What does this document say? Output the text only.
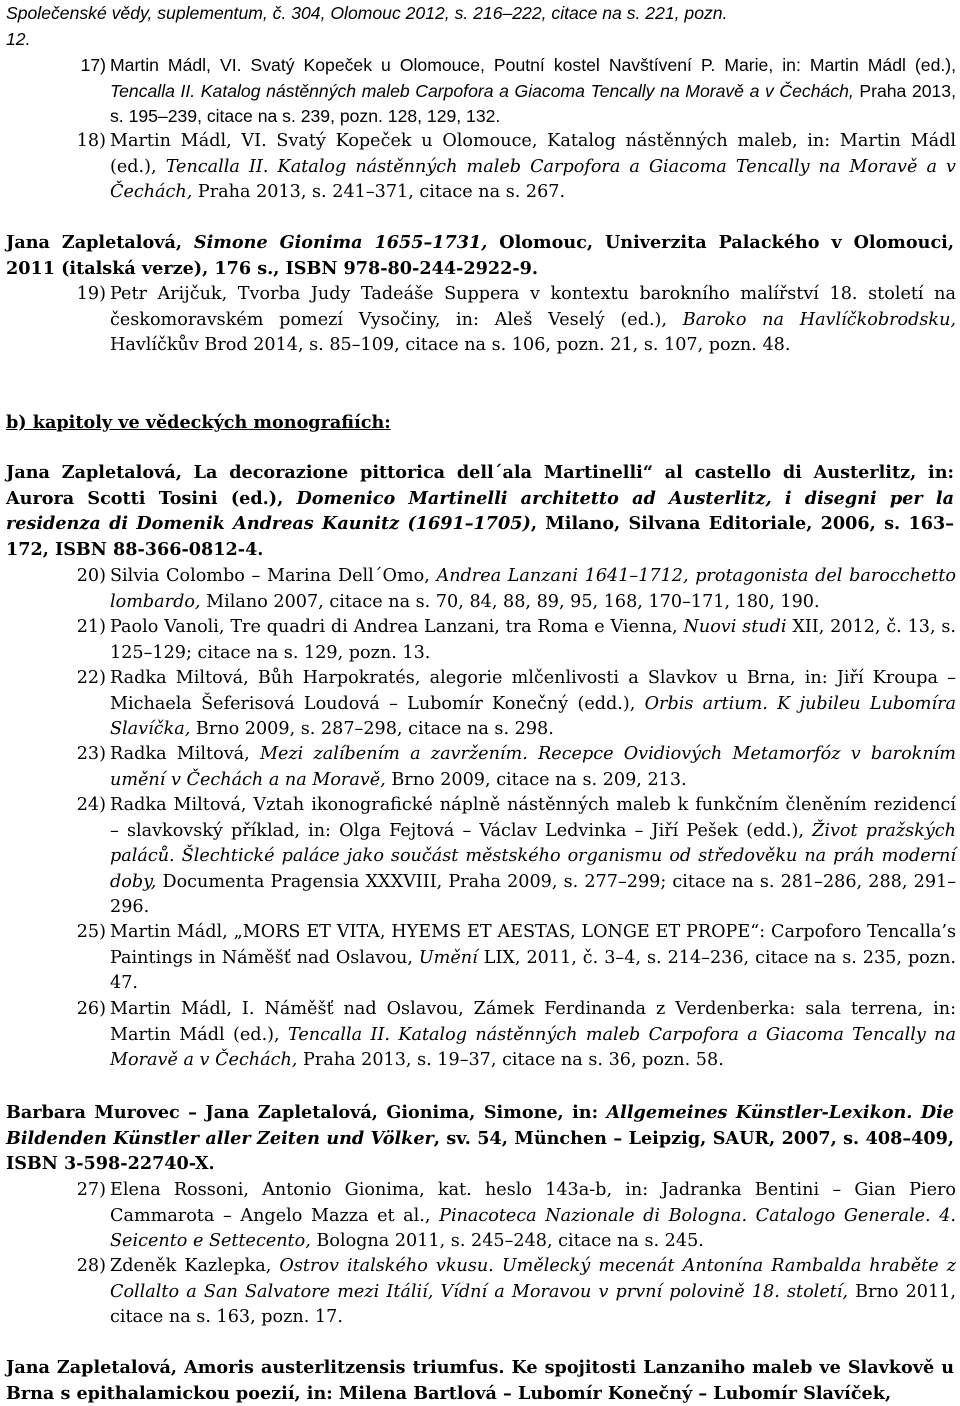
Společenské vědy, suplementum, č. 304, Olomouc 2012, s. 216–222, citace na s. 221, pozn.
12.
17) Martin Mádl, VI. Svatý Kopeček u Olomouce, Poutní kostel Navštívení P. Marie, in: Martin Mádl (ed.), Tencalla II. Katalog nástěnných maleb Carpofora a Giacoma Tencally na Moravě a v Čechách, Praha 2013, s. 195–239, citace na s. 239, pozn. 128, 129, 132.
18) Martin Mádl, VI. Svatý Kopeček u Olomouce, Katalog nástěnných maleb, in: Martin Mádl (ed.), Tencalla II. Katalog nástěnných maleb Carpofora a Giacoma Tencally na Moravě a v Čechách, Praha 2013, s. 241–371, citace na s. 267.
Jana Zapletalová, Simone Gionima 1655–1731, Olomouc, Univerzita Palackého v Olomouci, 2011 (italská verze), 176 s., ISBN 978-80-244-2922-9.
19) Petr Arijčuk, Tvorba Judy Tadeáše Suppera v kontextu barokního malířství 18. století na českomoravském pomezí Vysočiny, in: Aleš Veselý (ed.), Baroko na Havlíčkobrodsku, Havlíčkův Brod 2014, s. 85–109, citace na s. 106, pozn. 21, s. 107, pozn. 48.
b) kapitoly ve vědeckých monografiích:
Jana Zapletalová, La decorazione pittorica dell´ala Martinelli“ al castello di Austerlitz, in: Aurora Scotti Tosini (ed.), Domenico Martinelli architetto ad Austerlitz, i disegni per la residenza di Domenik Andreas Kaunitz (1691–1705), Milano, Silvana Editoriale, 2006, s. 163–172, ISBN 88-366-0812-4.
20) Silvia Colombo – Marina Dell´Omo, Andrea Lanzani 1641–1712, protagonista del barocchetto lombardo, Milano 2007, citace na s. 70, 84, 88, 89, 95, 168, 170–171, 180, 190.
21) Paolo Vanoli, Tre quadri di Andrea Lanzani, tra Roma e Vienna, Nuovi studi XII, 2012, č. 13, s. 125–129; citace na s. 129, pozn. 13.
22) Radka Miltová, Bůh Harpokratés, alegorie mlčenlivosti a Slavkov u Brna, in: Jiří Kroupa – Michaela Šeferisová Loudová – Lubomír Konečný (edd.), Orbis artium. K jubileu Lubomíra Slavíčka, Brno 2009, s. 287–298, citace na s. 298.
23) Radka Miltová, Mezi zalíbením a zavržením. Recepce Ovidiových Metamorfóz v barokním umění v Čechách a na Moravě, Brno 2009, citace na s. 209, 213.
24) Radka Miltová, Vztah ikonografické náplně nástěnných maleb k funkčním členěním rezidencí – slavkovský příklad, in: Olga Fejtová – Václav Ledvinka – Jiří Pešek (edd.), Život pražských paláců. Šlechtické paláce jako součást městského organismu od středověku na práh moderní doby, Documenta Pragensia XXXVIII, Praha 2009, s. 277–299; citace na s. 281–286, 288, 291–296.
25) Martin Mádl, „MORS ET VITA, HYEMS ET AESTAS, LONGE ET PROPE“: Carpoforo Tencalla’s Paintings in Náměšť nad Oslavou, Umění LIX, 2011, č. 3–4, s. 214–236, citace na s. 235, pozn. 47.
26) Martin Mádl, I. Náměšť nad Oslavou, Zámek Ferdinanda z Verdenberka: sala terrena, in: Martin Mádl (ed.), Tencalla II. Katalog nástěnných maleb Carpofora a Giacoma Tencally na Moravě a v Čechách, Praha 2013, s. 19–37, citace na s. 36, pozn. 58.
Barbara Murovec – Jana Zapletalová, Gionima, Simone, in: Allgemeines Künstler-Lexikon. Die Bildenden Künstler aller Zeiten und Völker, sv. 54, München – Leipzig, SAUR, 2007, s. 408–409, ISBN 3-598-22740-X.
27) Elena Rossoni, Antonio Gionima, kat. heslo 143a-b, in: Jadranka Bentini – Gian Piero Cammarota – Angelo Mazza et al., Pinacoteca Nazionale di Bologna. Catalogo Generale. 4. Seicento e Settecento, Bologna 2011, s. 245–248, citace na s. 245.
28) Zdeněk Kazlepka, Ostrov italského vkusu. Umělecký mecenát Antonína Rambalda hraběte z Collalto a San Salvatore mezi Itálií, Vídní a Moravou v první polovině 18. století, Brno 2011, citace na s. 163, pozn. 17.
Jana Zapletalová, Amoris austerlitzensis triumfus. Ke spojitosti Lanzaniho maleb ve Slavkově u Brna s epithalamickou poezií, in: Milena Bartlová – Lubomír Konečný – Lubomír Slavíček,
